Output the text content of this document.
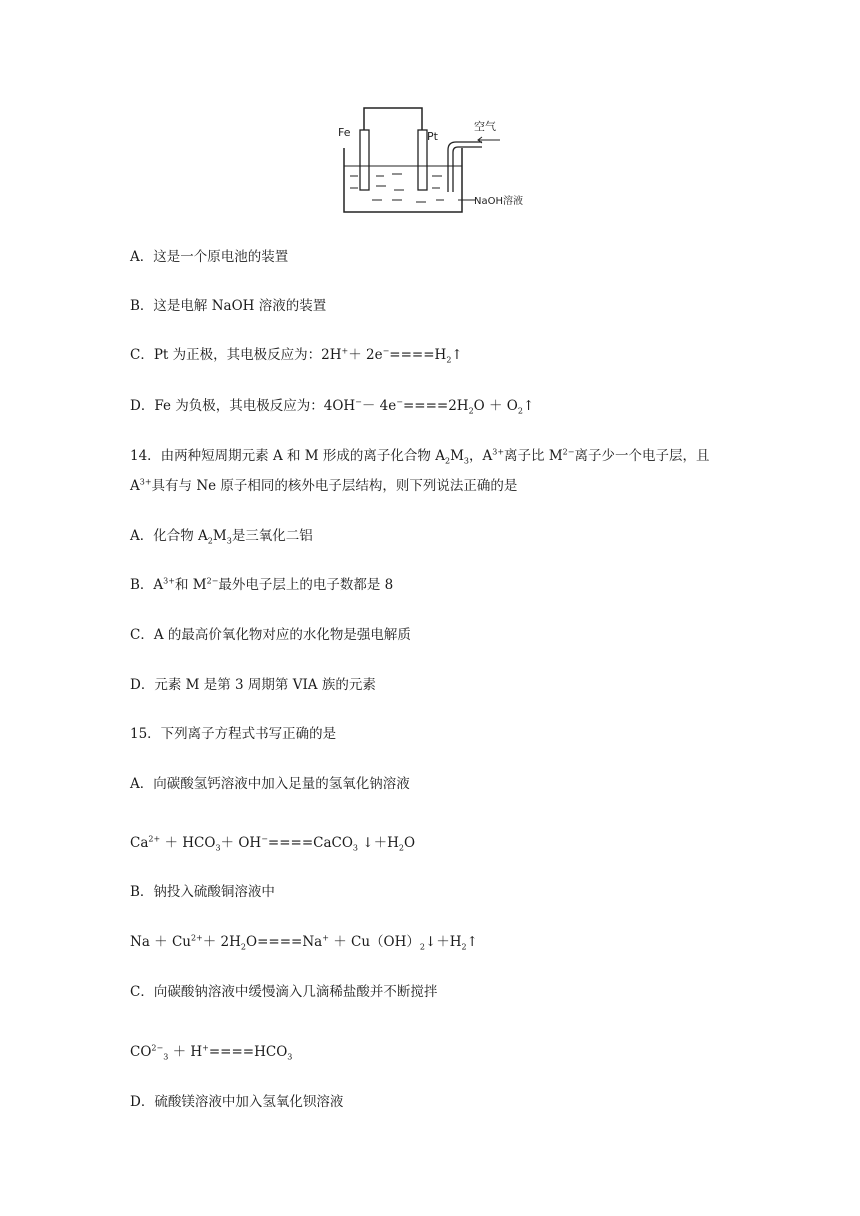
Fe	Pt
空气
NaOH溶液
A．这是一个原电池的装置
B．这是电解 NaOH 溶液的装置
C．Pt 为正极，其电极反应为：$2H^++ 2e^-====H_2↑$
D．Fe 为负极，其电极反应为：$4OH^-- 4e^-====2H_2O$ ＋ $O_2↑$
14．由两种短周期元素 A 和 M 形成的离子化合物 $A_2M_3$，$A^{3+}$离子比 $M^{2-}$离子少一个电子层，且
$A^{3+}$具有与 Ne 原子相同的核外电子层结构，则下列说法正确的是
A．化合物 $A_2M_3$是三氧化二铝
B．$A^{3+}$和 $M^{2-}$最外电子层上的电子数都是 8
C．A 的最高价氧化物对应的水化物是强电解质
D．元素 M 是第 3 周期第 VIA 族的元素
15．下列离子方程式书写正确的是
A．向碳酸氢钙溶液中加入足量的氢氧化钠溶液
$Ca^{2+} + HCO_3+$ OH−====CaCO$_3$ $↓+H_2O$
B．钠投入硫酸铜溶液中
$Na + Cu^{2+}+ 2H_2O====Na^+$ ＋ $Cu(OH)_2↓+H_2↑$
C．向碳酸钠溶液中缓慢滴入几滴稀盐酸并不断搅拌
$CO^{2-}_3 + H^+====HCO_3$
D．硫酸镁溶液中加入氢氧化钡溶液
